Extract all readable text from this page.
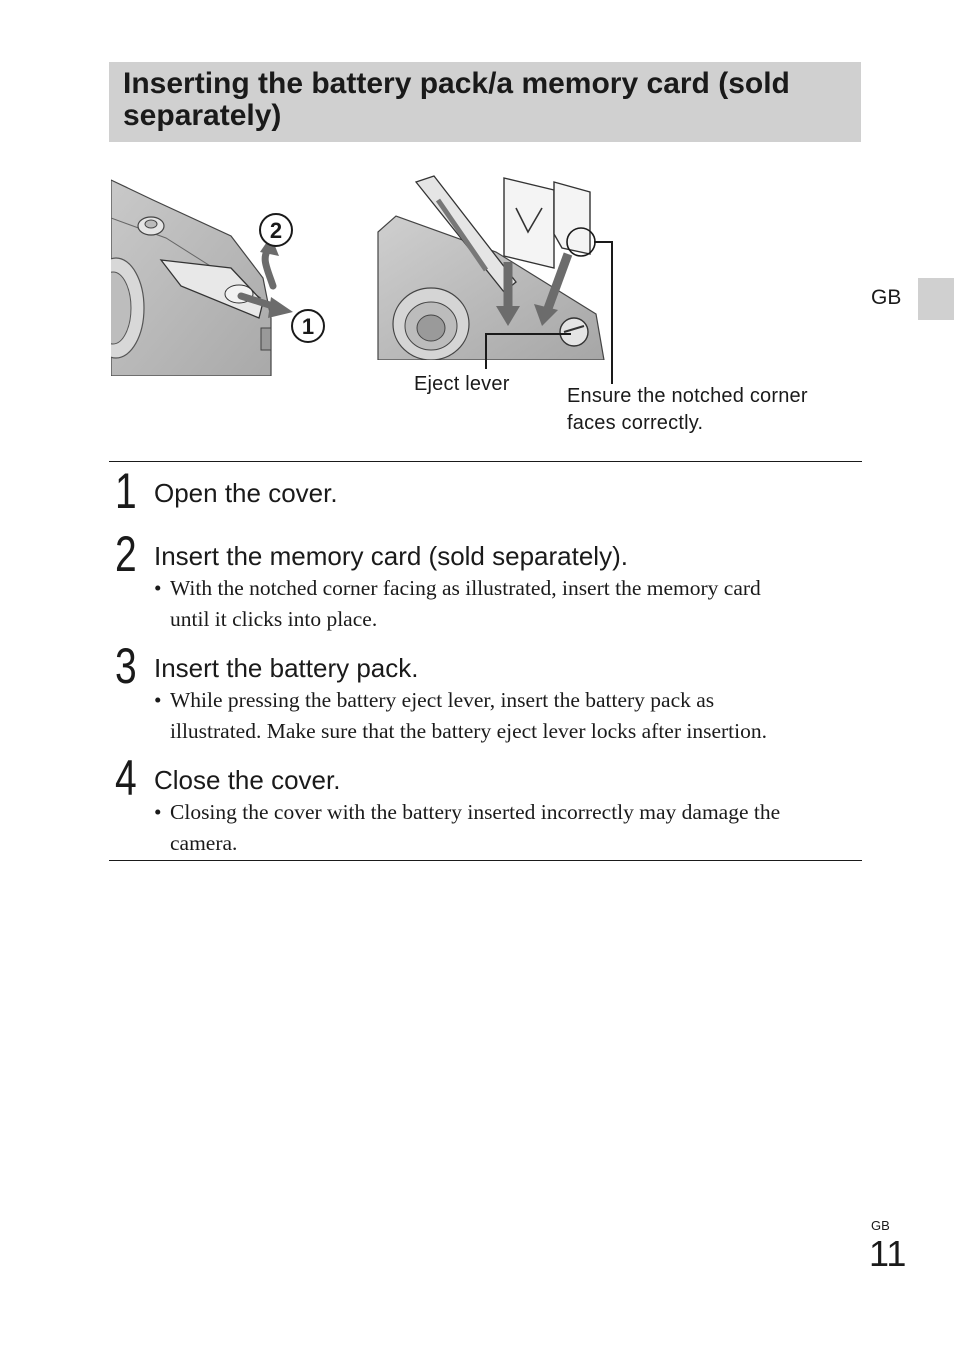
Inserting the battery pack/a memory card (sold separately)
GB
2
1
Eject lever
Ensure the notched corner
faces correctly.
1 Open the cover.
2 Insert the memory card (sold separately).
• With the notched corner facing as illustrated, insert the memory card
until it clicks into place.
3 Insert the battery pack.
• While pressing the battery eject lever, insert the battery pack as
illustrated. Make sure that the battery eject lever locks after insertion.
4 Close the cover.
• Closing the cover with the battery inserted incorrectly may damage the
camera.
GB
11
